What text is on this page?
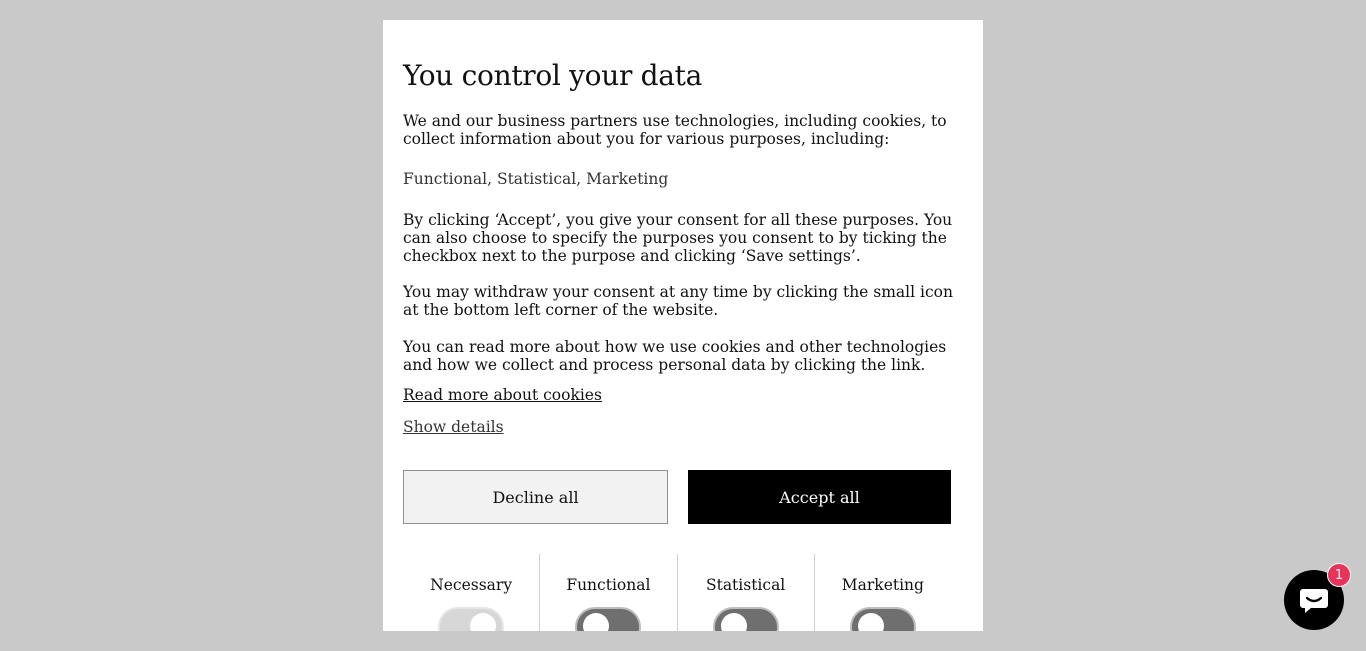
You control your data

We and our business partners use technologies, including cookies, to collect information about you for various purposes, including:

Functional, Statistical, Marketing

By clicking ‘Accept’, you give your consent for all these purposes. You can also choose to specify the purposes you consent to by ticking the checkbox next to the purpose and clicking ‘Save settings’.

You may withdraw your consent at any time by clicking the small icon at the bottom left corner of the website.

You can read more about how we use cookies and other technologies and how we collect and process personal data by clicking the link.

Read more about cookies
Show details
Decline all	Accept all
Necessary	Functional	Statistical	Marketing
1
